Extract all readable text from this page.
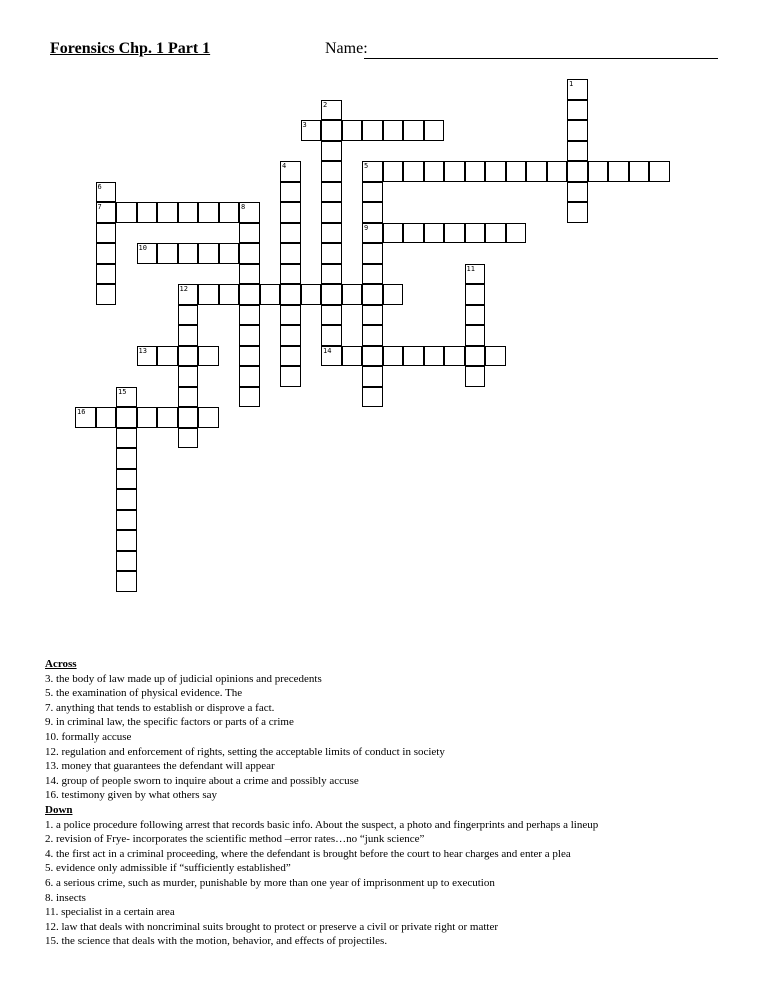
Forensics Chp. 1 Part 1	Name:
1
2
14
3
4	5
9
6
7	8
10
11
12
13
15
16
Across
3. the body of law made up of judicial opinions and precedents
5. the examination of physical evidence. The
7. anything that tends to establish or disprove a fact.
9. in criminal law, the specific factors or parts of a crime
10. formally accuse
12. regulation and enforcement of rights, setting the acceptable limits of conduct in society
13. money that guarantees the defendant will appear
14. group of people sworn to inquire about a crime and possibly accuse
16. testimony given by what others say
Down
1. a police procedure following arrest that records basic info. About the suspect, a photo and fingerprints and perhaps a lineup
2. revision of Frye- incorporates the scientific method –error rates…no “junk science”
4. the first act in a criminal proceeding, where the defendant is brought before the court to hear charges and enter a plea
5. evidence only admissible if “sufficiently established”
6. a serious crime, such as murder, punishable by more than one year of imprisonment up to execution
8. insects
11. specialist in a certain area
12. law that deals with noncriminal suits brought to protect or preserve a civil or private right or matter
15. the science that deals with the motion, behavior, and effects of projectiles.
